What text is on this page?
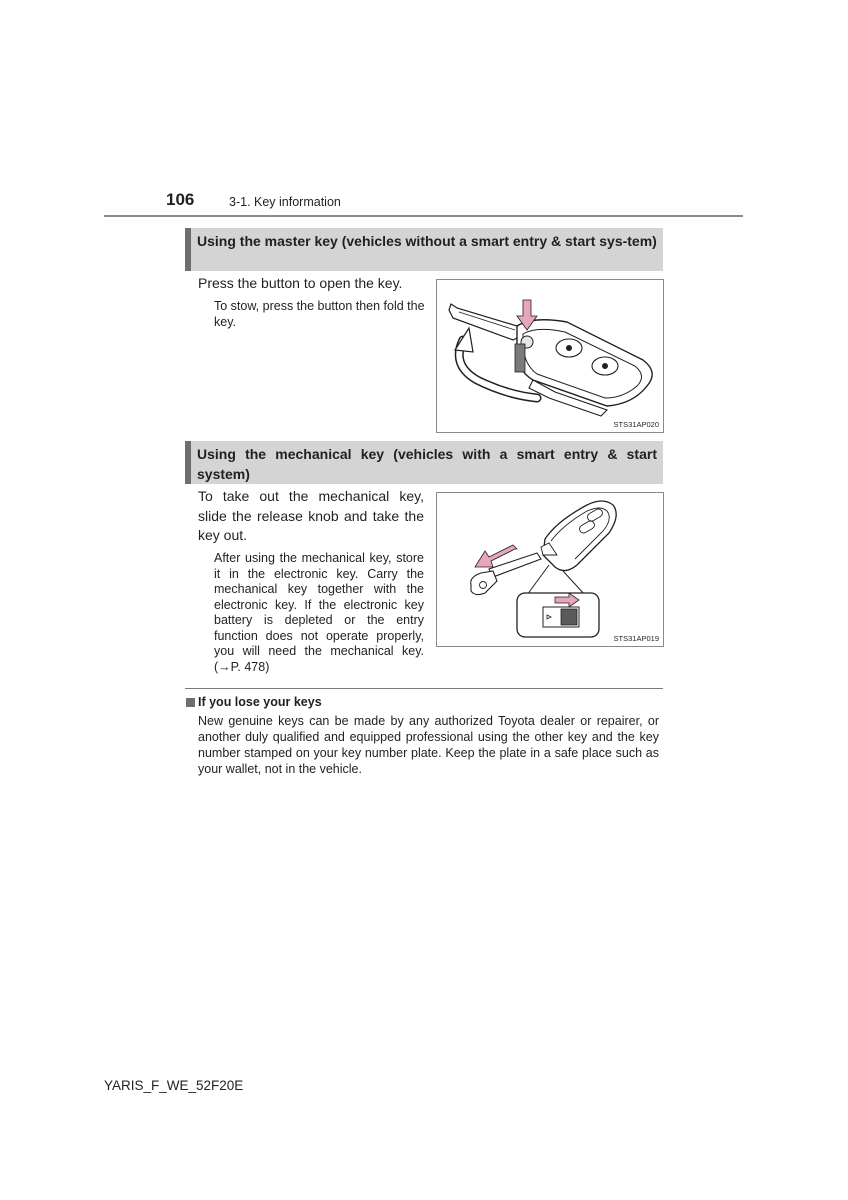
106	3-1. Key information
Using the master key (vehicles without a smart entry & start sys-tem)
Press the button to open the key.
To stow, press the button then fold the key.
STS31AP020
Using the mechanical key (vehicles with a smart entry & start system)
To take out the mechanical key, slide the release knob and take the key out.
After using the mechanical key, store it in the electronic key. Carry the mechanical key together with the electronic key. If the electronic key battery is depleted or the entry function does not operate properly, you will need the mechanical key. (→P. 478)
STS31AP019
If you lose your keys
New genuine keys can be made by any authorized Toyota dealer or repairer, or another duly qualified and equipped professional using the other key and the key number stamped on your key number plate. Keep the plate in a safe place such as your wallet, not in the vehicle.
YARIS_F_WE_52F20E
